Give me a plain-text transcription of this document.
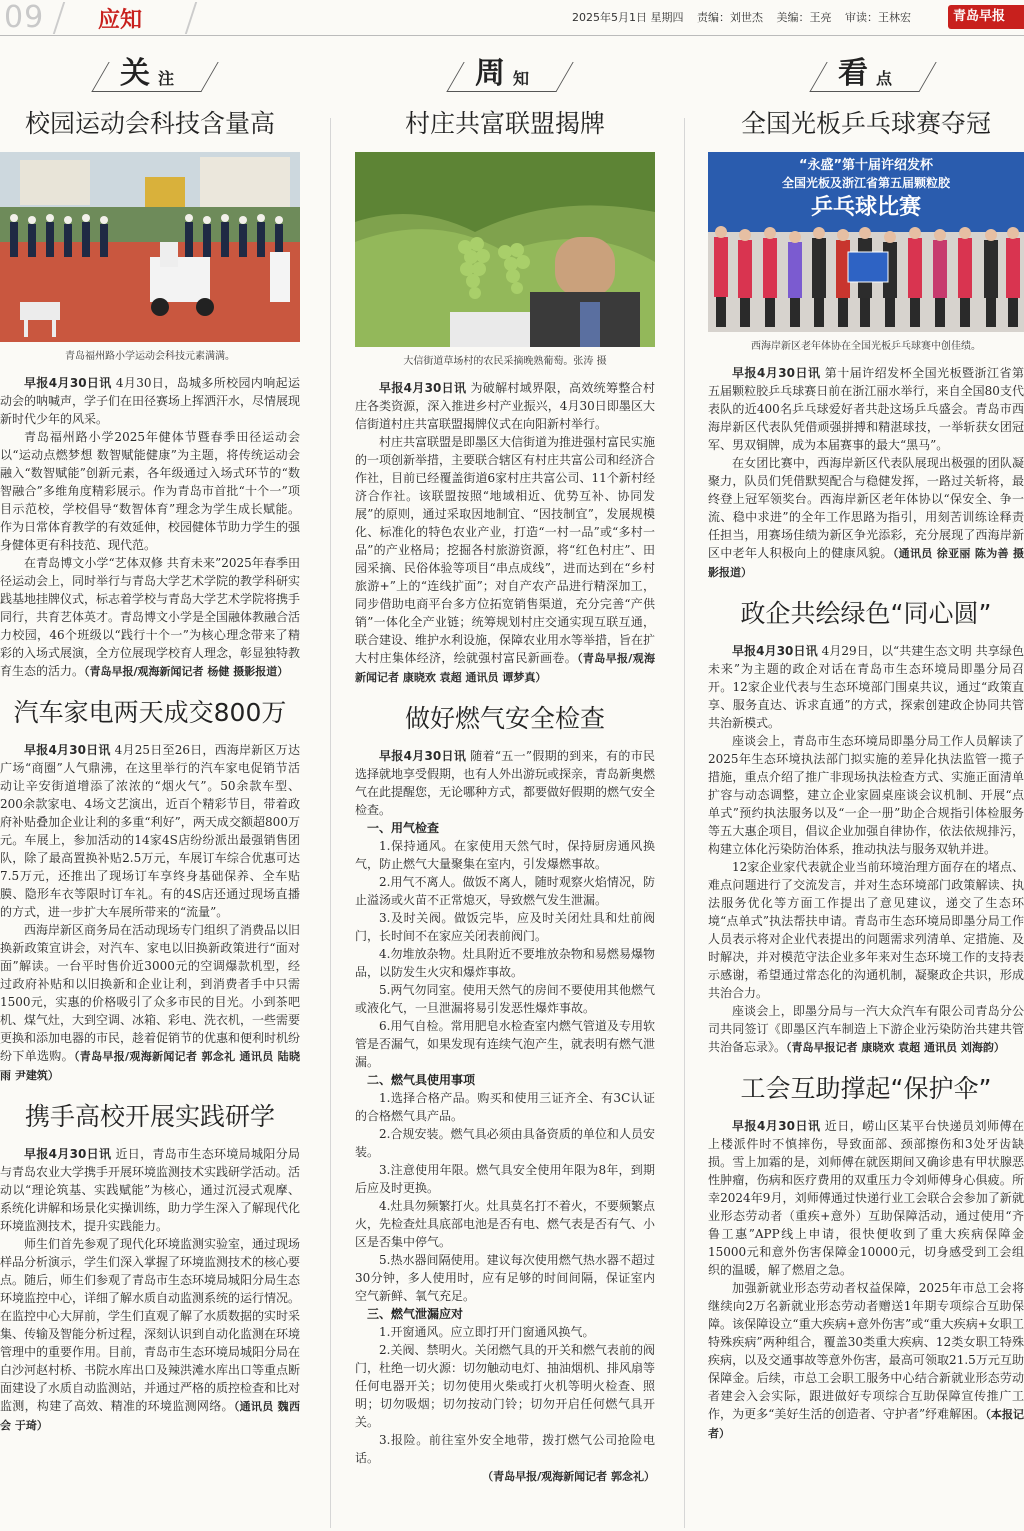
09 应知	2025年5月1日 星期四 责编：刘世杰 美编：王亮 审读：王林宏	青岛早报
关 注
校园运动会科技含量高
青岛福州路小学运动会科技元素满满。

早报4月30日讯 4月30日，岛城多所校园内响起运动会的呐喊声，学子们在田径赛场上挥洒汗水，尽情展现新时代少年的风采。

青岛福州路小学2025年健体节暨春季田径运动会以“运动点燃梦想 数智赋能健康”为主题，将传统运动会融入“数智赋能”创新元素，各年级通过入场式环节的“数智融合”多维角度精彩展示。作为青岛市首批“十个一”项目示范校，学校倡导“数智体育”理念为学生成长赋能。作为日常体育教学的有效延伸，校园健体节助力学生的强身健体更有科技范、现代范。

在青岛博文小学“艺体双修 共育未来”2025年春季田径运动会上，同时举行与青岛大学艺术学院的教学科研实践基地挂牌仪式，标志着学校与青岛大学艺术学院将携手同行，共育艺体英才。青岛博文小学是全国融体教融合活力校园，46个班级以“践行十个一”为核心理念带来了精彩的入场式展演，全方位展现学校育人理念，彰显独特教育生态的活力。（青岛早报/观海新闻记者 杨健 摄影报道）

汽车家电两天成交800万

早报4月30日讯 4月25日至26日，西海岸新区万达广场“商圈”人气鼎沸，在这里举行的汽车家电促销节活动让辛安街道增添了浓浓的“烟火气”。50余款车型、200余款家电、4场文艺演出，近百个精彩节目，带着政府补贴叠加企业让利的多重“利好”，两天成交额超800万元。车展上，参加活动的14家4S店纷纷派出最强销售团队，除了最高置换补贴2.5万元，车展订车综合优惠可达7.5万元，还推出了现场订车享终身基础保养、全车贴膜、隐形车衣等限时订车礼。有的4S店还通过现场直播的方式，进一步扩大车展所带来的“流量”。

西海岸新区商务局在活动现场专门组织了消费品以旧换新政策宣讲会，对汽车、家电以旧换新政策进行“面对面”解读。一台平时售价近3000元的空调爆款机型，经过政府补贴和以旧换新和企业让利，到消费者手中只需1500元，实惠的价格吸引了众多市民的目光。小到茶吧机、煤气灶，大到空调、冰箱、彩电、洗衣机，一些需要更换和添加电器的市民，趁着促销节的优惠和便利时机纷纷下单选购。（青岛早报/观海新闻记者 郭念礼 通讯员 陆晓雨 尹建筑）

携手高校开展实践研学

早报4月30日讯 近日，青岛市生态环境局城阳分局与青岛农业大学携手开展环境监测技术实践研学活动。活动以“理论筑基、实践赋能”为核心，通过沉浸式观摩、系统化讲解和场景化实操训练，助力学生深入了解现代化环境监测技术，提升实践能力。

师生们首先参观了现代化环境监测实验室，通过现场样品分析演示，学生们深入掌握了环境监测技术的核心要点。随后，师生们参观了青岛市生态环境局城阳分局生态环境监控中心，详细了解水质自动监测系统的运行情况。在监控中心大屏前，学生们直观了解了水质数据的实时采集、传输及智能分析过程，深刻认识到自动化监测在环境管理中的重要作用。目前，青岛市生态环境局城阳分局在白沙河赵村桥、书院水库出口及辣洪滩水库出口等重点断面建设了水质自动监测站，并通过严格的质控检查和比对监测，构建了高效、精准的环境监测网络。（通讯员 魏西会 于琦）

周 知
村庄共富联盟揭牌
大信街道草场村的农民采摘晚熟葡萄。张涛 摄

早报4月30日讯 为破解村域界限，高效统筹整合村庄各类资源，深入推进乡村产业振兴，4月30日即墨区大信街道村庄共富联盟揭牌仪式在向阳新村举行。

村庄共富联盟是即墨区大信街道为推进强村富民实施的一项创新举措，主要联合辖区有村庄共富公司和经济合作社，目前已经覆盖街道6家村庄共富公司、11个新村经济合作社。该联盟按照“地域相近、优势互补、协同发展”的原则，通过采取因地制宜、“因技制宜”，发展规模化、标准化的特色农业产业，打造“一村一品”或“多村一品”的产业格局；挖掘各村旅游资源，将“红色村庄”、田园采摘、民俗体验等项目“串点成线”，进而达到在“乡村旅游+”上的“连线扩面”；对自产农产品进行精深加工，同步借助电商平台多方位拓宽销售渠道，充分完善“产供销”一体化全产业链；统筹规划村庄交通实现互联互通，联合建设、维护水利设施，保障农业用水等举措，旨在扩大村庄集体经济，绘就强村富民新画卷。（青岛早报/观海新闻记者 康晓欢 袁超 通讯员 谭梦真）

做好燃气安全检查

早报4月30日讯 随着“五一”假期的到来，有的市民选择就地享受假期，也有人外出游玩或探亲，青岛新奥燃气在此提醒您，无论哪种方式，都要做好假期的燃气安全检查。

一、用气检查

1.保持通风。在家使用天然气时，保持厨房通风换气，防止燃气大量聚集在室内，引发爆燃事故。

2.用气不离人。做饭不离人，随时观察火焰情况，防止溢汤或火苗不正常熄灭，导致燃气发生泄漏。

3.及时关阀。做饭完毕，应及时关闭灶具和灶前阀门，长时间不在家应关闭表前阀门。

4.勿堆放杂物。灶具附近不要堆放杂物和易燃易爆物品，以防发生火灾和爆炸事故。

5.两气勿同室。使用天然气的房间不要使用其他燃气或液化气，一旦泄漏将易引发恶性爆炸事故。

6.用气自检。常用肥皂水检查室内燃气管道及专用软管是否漏气，如果发现有连续气泡产生，就表明有燃气泄漏。

二、燃气具使用事项

1.选择合格产品。购买和使用三证齐全、有3C认证的合格燃气具产品。

2.合规安装。燃气具必须由具备资质的单位和人员安装。

3.注意使用年限。燃气具安全使用年限为8年，到期后应及时更换。

4.灶具勿频繁打火。灶具莫名打不着火，不要频繁点火，先检查灶具底部电池是否有电、燃气表是否有气、小区是否集中停气。

5.热水器间隔使用。建议每次使用燃气热水器不超过30分钟，多人使用时，应有足够的时间间隔，保证室内空气新鲜、氧气充足。

三、燃气泄漏应对

1.开窗通风。应立即打开门窗通风换气。

2.关阀、禁明火。关闭燃气具的开关和燃气表前的阀门，杜绝一切火源：切勿触动电灯、抽油烟机、排风扇等任何电器开关；切勿使用火柴或打火机等明火检查、照明；切勿吸烟；切勿按动门铃；切勿开启任何燃气具开关。

3.报险。前往室外安全地带，拨打燃气公司抢险电话。

（青岛早报/观海新闻记者 郭念礼）

看 点
全国光板乒乓球赛夺冠
“永盛”第十届许绍发杯
全国光板及浙江省第五届颗粒胶
乒乓球比赛
西海岸新区老年体协在全国光板乒乓球赛中创佳绩。

早报4月30日讯 第十届许绍发杯全国光板暨浙江省第五届颗粒胶乒乓球赛日前在浙江丽水举行，来自全国80支代表队的近400名乒乓球爱好者共赴这场乒乓盛会。青岛市西海岸新区代表队凭借顽强拼搏和精湛球技，一举斩获女团冠军、男双铜牌，成为本届赛事的最大“黑马”。

在女团比赛中，西海岸新区代表队展现出极强的团队凝聚力，队员们凭借默契配合与稳健发挥，一路过关斩将，最终登上冠军领奖台。西海岸新区老年体协以“保安全、争一流、稳中求进”的全年工作思路为指引，用刻苦训练诠释责任担当，用赛场佳绩为新区争光添彩，充分展现了西海岸新区中老年人积极向上的健康风貌。（通讯员 徐亚丽 陈为善 摄影报道）

政企共绘绿色“同心圆”

早报4月30日讯 4月29日，以“共建生态文明 共享绿色未来”为主题的政企对话在青岛市生态环境局即墨分局召开。12家企业代表与生态环境部门围桌共议，通过“政策直享、服务直达、诉求直通”的方式，探索创建政企协同共管共治新模式。

座谈会上，青岛市生态环境局即墨分局工作人员解读了2025年生态环境执法部门拟实施的差异化执法监管一揽子措施，重点介绍了推广非现场执法检查方式、实施正面清单扩容与动态调整，建立企业家圆桌座谈会议机制、开展“点单式”预约执法服务以及“一企一册”助企合规指引体检服务等五大惠企项目，倡议企业加强自律协作，依法依规排污，构建立体化污染防治体系，推动执法与服务双轨并进。

12家企业家代表就企业当前环境治理方面存在的堵点、难点问题进行了交流发言，并对生态环境部门政策解读、执法服务优化等方面工作提出了意见建议，递交了生态环境“点单式”执法帮扶申请。青岛市生态环境局即墨分局工作人员表示将对企业代表提出的问题需求列清单、定措施、及时解决，并对模范守法企业多年来对生态环境工作的支持表示感谢，希望通过常态化的沟通机制，凝聚政企共识，形成共治合力。

座谈会上，即墨分局与一汽大众汽车有限公司青岛分公司共同签订《即墨区汽车制造上下游企业污染防治共建共管共治备忘录》。（青岛早报记者 康晓欢 袁超 通讯员 刘海韵）

工会互助撑起“保护伞”

早报4月30日讯 近日，崂山区某平台快递员刘师傅在上楼派件时不慎摔伤，导致面部、颈部擦伤和3处牙齿缺损。雪上加霜的是，刘师傅在就医期间又确诊患有甲状腺恶性肿瘤，伤病和医疗费用的双重压力令刘师傅身心俱疲。所幸2024年9月，刘师傅通过快递行业工会联合会参加了新就业形态劳动者（重疾+意外）互助保障活动，通过使用“齐鲁工惠”APP线上申请，很快便收到了重大疾病保障金15000元和意外伤害保障金10000元，切身感受到工会组织的温暖，解了燃眉之急。

加强新就业形态劳动者权益保障，2025年市总工会将继续向2万名新就业形态劳动者赠送1年期专项综合互助保障。该保障设立“重大疾病+意外伤害”或“重大疾病+女职工特殊疾病”两种组合，覆盖30类重大疾病、12类女职工特殊疾病，以及交通事故等意外伤害，最高可领取21.5万元互助保障金。后续，市总工会职工服务中心结合新就业形态劳动者建会入会实际，跟进做好专项综合互助保障宣传推广工作，为更多“美好生活的创造者、守护者”纾难解困。（本报记者）
